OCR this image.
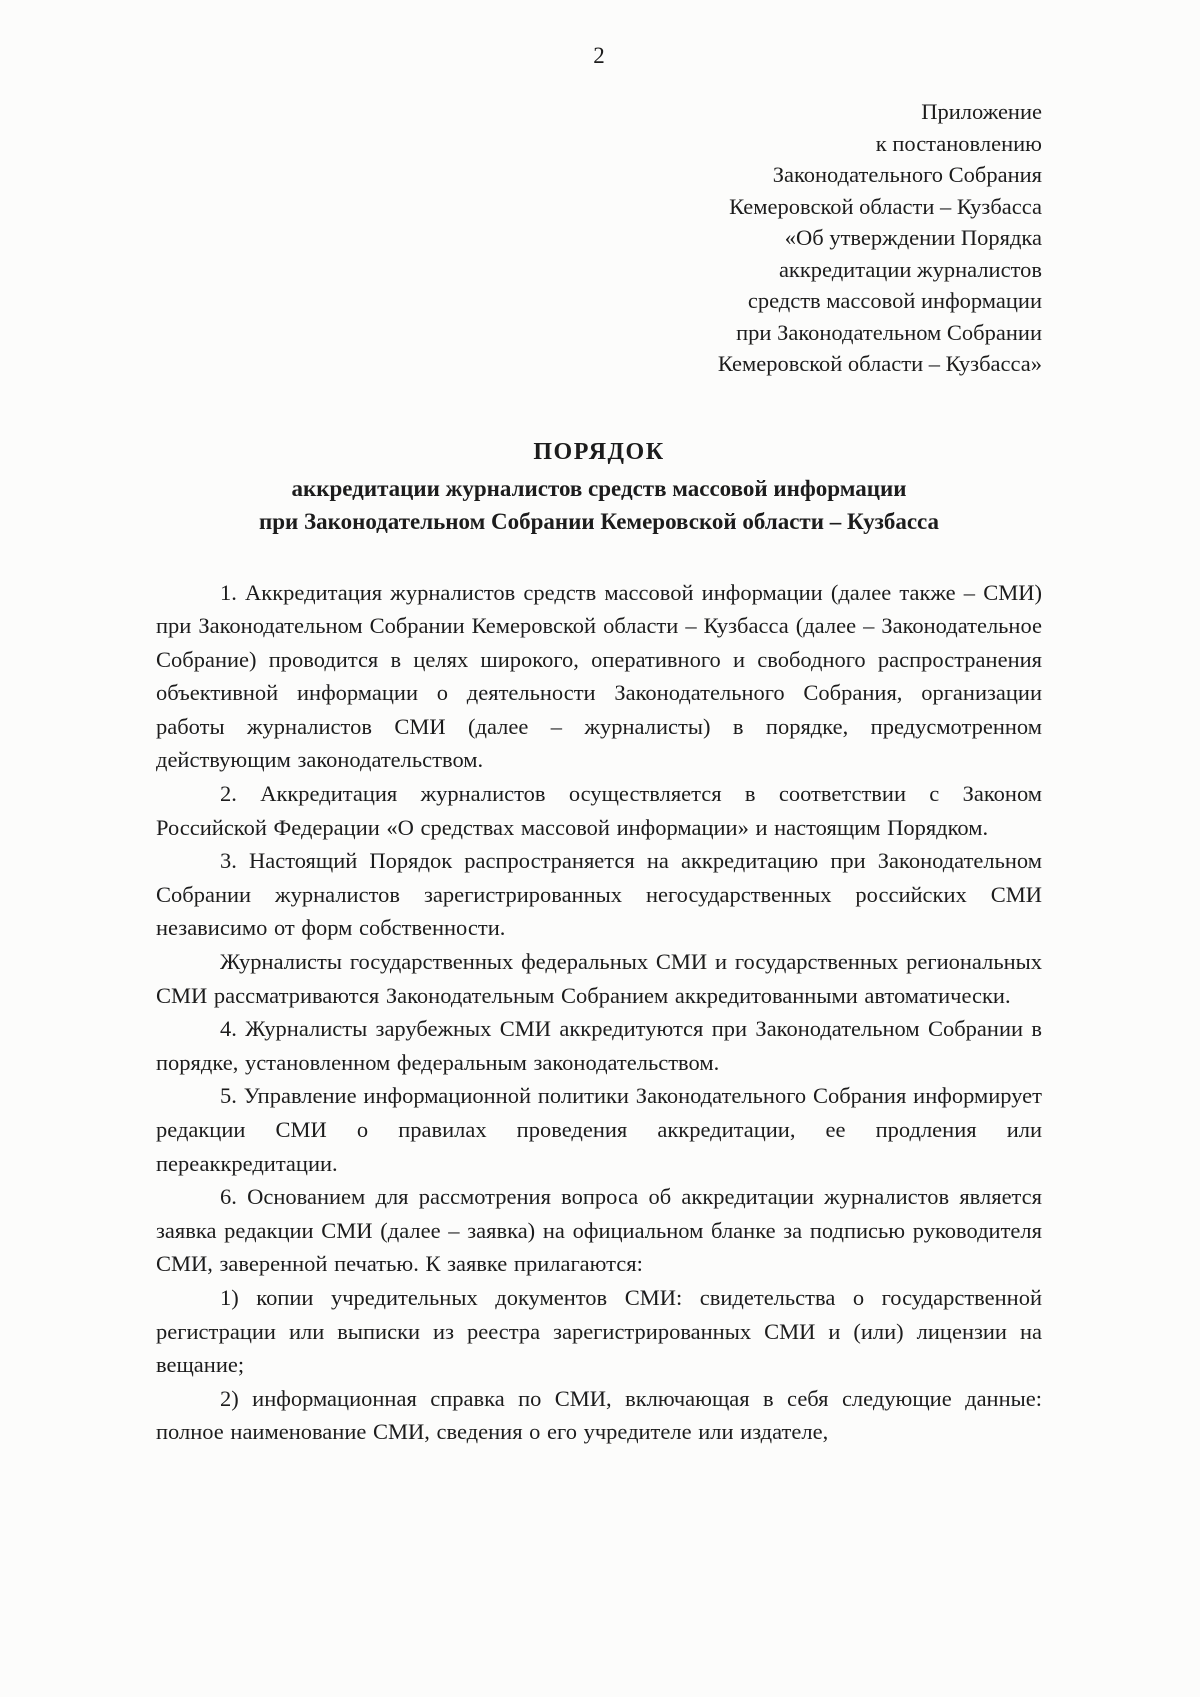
2
Приложение
к постановлению
Законодательного Собрания
Кемеровской области – Кузбасса
«Об утверждении Порядка
аккредитации журналистов
средств массовой информации
при Законодательном Собрании
Кемеровской области – Кузбасса»
ПОРЯДОК
аккредитации журналистов средств массовой информации
при Законодательном Собрании Кемеровской области – Кузбасса

1. Аккредитация журналистов средств массовой информации (далее также – СМИ) при Законодательном Собрании Кемеровской области – Кузбасса (далее – Законодательное Собрание) проводится в целях широкого, оперативного и свободного распространения объективной информации о деятельности Законодательного Собрания, организации работы журналистов СМИ (далее – журналисты) в порядке, предусмотренном действующим законодательством.

2. Аккредитация журналистов осуществляется в соответствии с Законом Российской Федерации «О средствах массовой информации» и настоящим Порядком.

3. Настоящий Порядок распространяется на аккредитацию при Законодательном Собрании журналистов зарегистрированных негосударственных российских СМИ независимо от форм собственности.

Журналисты государственных федеральных СМИ и государственных региональных СМИ рассматриваются Законодательным Собранием аккредитованными автоматически.

4. Журналисты зарубежных СМИ аккредитуются при Законодательном Собрании в порядке, установленном федеральным законодательством.

5. Управление информационной политики Законодательного Собрания информирует редакции СМИ о правилах проведения аккредитации, ее продления или переаккредитации.

6. Основанием для рассмотрения вопроса об аккредитации журналистов является заявка редакции СМИ (далее – заявка) на официальном бланке за подписью руководителя СМИ, заверенной печатью. К заявке прилагаются:

1) копии учредительных документов СМИ: свидетельства о государственной регистрации или выписки из реестра зарегистрированных СМИ и (или) лицензии на вещание;

2) информационная справка по СМИ, включающая в себя следующие данные: полное наименование СМИ, сведения о его учредителе или издателе,
